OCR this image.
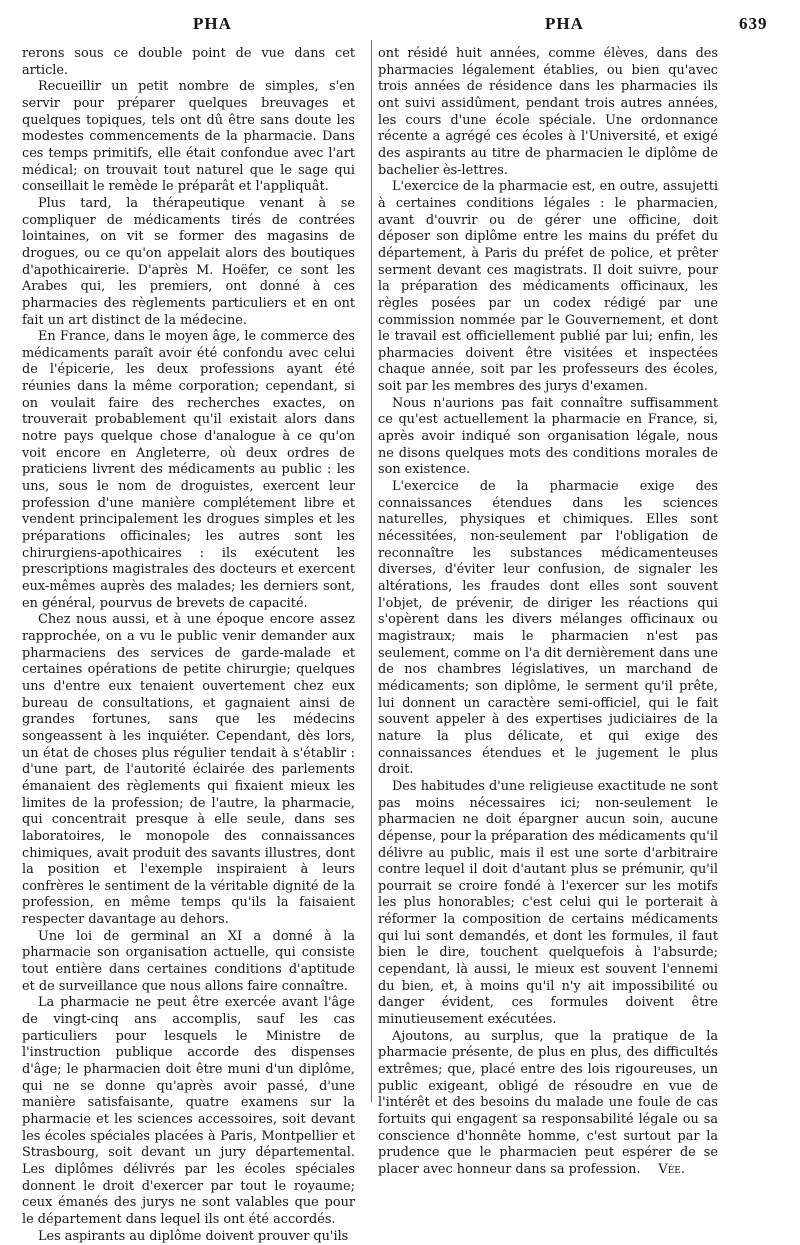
PHA	PHA	639

rerons sous ce double point de vue dans cet article.

Recueillir un petit nombre de simples, s'en servir pour préparer quelques breuvages et quelques topiques, tels ont dû être sans doute les modestes commencements de la pharmacie. Dans ces temps primitifs, elle était confondue avec l'art médical; on trouvait tout naturel que le sage qui conseillait le remède le préparât et l'appliquât.

Plus tard, la thérapeutique venant à se compliquer de médicaments tirés de contrées lointaines, on vit se former des magasins de drogues, ou ce qu'on appelait alors des boutiques d'apothicairerie. D'après M. Hoëfer, ce sont les Arabes qui, les premiers, ont donné à ces pharmacies des règlements particuliers et en ont fait un art distinct de la médecine.

En France, dans le moyen âge, le commerce des médicaments paraît avoir été confondu avec celui de l'épicerie, les deux professions ayant été réunies dans la même corporation; cependant, si on voulait faire des recherches exactes, on trouverait probablement qu'il existait alors dans notre pays quelque chose d'analogue à ce qu'on voit encore en Angleterre, où deux ordres de praticiens livrent des médicaments au public : les uns, sous le nom de droguistes, exercent leur profession d'une manière complétement libre et vendent principalement les drogues simples et les préparations officinales; les autres sont les chirurgiens-apothicaires : ils exécutent les prescriptions magistrales des docteurs et exercent eux-mêmes auprès des malades; les derniers sont, en général, pourvus de brevets de capacité.

Chez nous aussi, et à une époque encore assez rapprochée, on a vu le public venir demander aux pharmaciens des services de garde-malade et certaines opérations de petite chirurgie; quelques uns d'entre eux tenaient ouvertement chez eux bureau de consultations, et gagnaient ainsi de grandes fortunes, sans que les médecins songeassent à les inquiéter. Cependant, dès lors, un état de choses plus régulier tendait à s'établir : d'une part, de l'autorité éclairée des parlements émanaient des règlements qui fixaient mieux les limites de la profession; de l'autre, la pharmacie, qui concentrait presque à elle seule, dans ses laboratoires, le monopole des connaissances chimiques, avait produit des savants illustres, dont la position et l'exemple inspiraient à leurs confrères le sentiment de la véritable dignité de la profession, en même temps qu'ils la faisaient respecter davantage au dehors.

Une loi de germinal an XI a donné à la pharmacie son organisation actuelle, qui consiste tout entière dans certaines conditions d'aptitude et de surveillance que nous allons faire connaître.

La pharmacie ne peut être exercée avant l'âge de vingt-cinq ans accomplis, sauf les cas particuliers pour lesquels le Ministre de l'instruction publique accorde des dispenses d'âge; le pharmacien doit être muni d'un diplôme, qui ne se donne qu'après avoir passé, d'une manière satisfaisante, quatre examens sur la pharmacie et les sciences accessoires, soit devant les écoles spéciales placées à Paris, Montpellier et Strasbourg, soit devant un jury départemental. Les diplômes délivrés par les écoles spéciales donnent le droit d'exercer par tout le royaume; ceux émanés des jurys ne sont valables que pour le département dans lequel ils ont été accordés.

Les aspirants au diplôme doivent prouver qu'ils

ont résidé huit années, comme élèves, dans des pharmacies légalement établies, ou bien qu'avec trois années de résidence dans les pharmacies ils ont suivi assidûment, pendant trois autres années, les cours d'une école spéciale. Une ordonnance récente a agrégé ces écoles à l'Université, et exigé des aspirants au titre de pharmacien le diplôme de bachelier ès-lettres.

L'exercice de la pharmacie est, en outre, assujetti à certaines conditions légales : le pharmacien, avant d'ouvrir ou de gérer une officine, doit déposer son diplôme entre les mains du préfet du département, à Paris du préfet de police, et prêter serment devant ces magistrats. Il doit suivre, pour la préparation des médicaments officinaux, les règles posées par un codex rédigé par une commission nommée par le Gouvernement, et dont le travail est officiellement publié par lui; enfin, les pharmacies doivent être visitées et inspectées chaque année, soit par les professeurs des écoles, soit par les membres des jurys d'examen.

Nous n'aurions pas fait connaître suffisamment ce qu'est actuellement la pharmacie en France, si, après avoir indiqué son organisation légale, nous ne disons quelques mots des conditions morales de son existence.

L'exercice de la pharmacie exige des connaissances étendues dans les sciences naturelles, physiques et chimiques. Elles sont nécessitées, non-seulement par l'obligation de reconnaître les substances médicamenteuses diverses, d'éviter leur confusion, de signaler les altérations, les fraudes dont elles sont souvent l'objet, de prévenir, de diriger les réactions qui s'opèrent dans les divers mélanges officinaux ou magistraux; mais le pharmacien n'est pas seulement, comme on l'a dit dernièrement dans une de nos chambres législatives, un marchand de médicaments; son diplôme, le serment qu'il prête, lui donnent un caractère semi-officiel, qui le fait souvent appeler à des expertises judiciaires de la nature la plus délicate, et qui exige des connaissances étendues et le jugement le plus droit.

Des habitudes d'une religieuse exactitude ne sont pas moins nécessaires ici; non-seulement le pharmacien ne doit épargner aucun soin, aucune dépense, pour la préparation des médicaments qu'il délivre au public, mais il est une sorte d'arbitraire contre lequel il doit d'autant plus se prémunir, qu'il pourrait se croire fondé à l'exercer sur les motifs les plus honorables; c'est celui qui le porterait à réformer la composition de certains médicaments qui lui sont demandés, et dont les formules, il faut bien le dire, touchent quelquefois à l'absurde; cependant, là aussi, le mieux est souvent l'ennemi du bien, et, à moins qu'il n'y ait impossibilité ou danger évident, ces formules doivent être minutieusement exécutées.

Ajoutons, au surplus, que la pratique de la pharmacie présente, de plus en plus, des difficultés extrêmes; que, placé entre des lois rigoureuses, un public exigeant, obligé de résoudre en vue de l'intérêt et des besoins du malade une foule de cas fortuits qui engagent sa responsabilité légale ou sa conscience d'honnête homme, c'est surtout par la prudence que le pharmacien peut espérer de se placer avec honneur dans sa profession. Vée.
